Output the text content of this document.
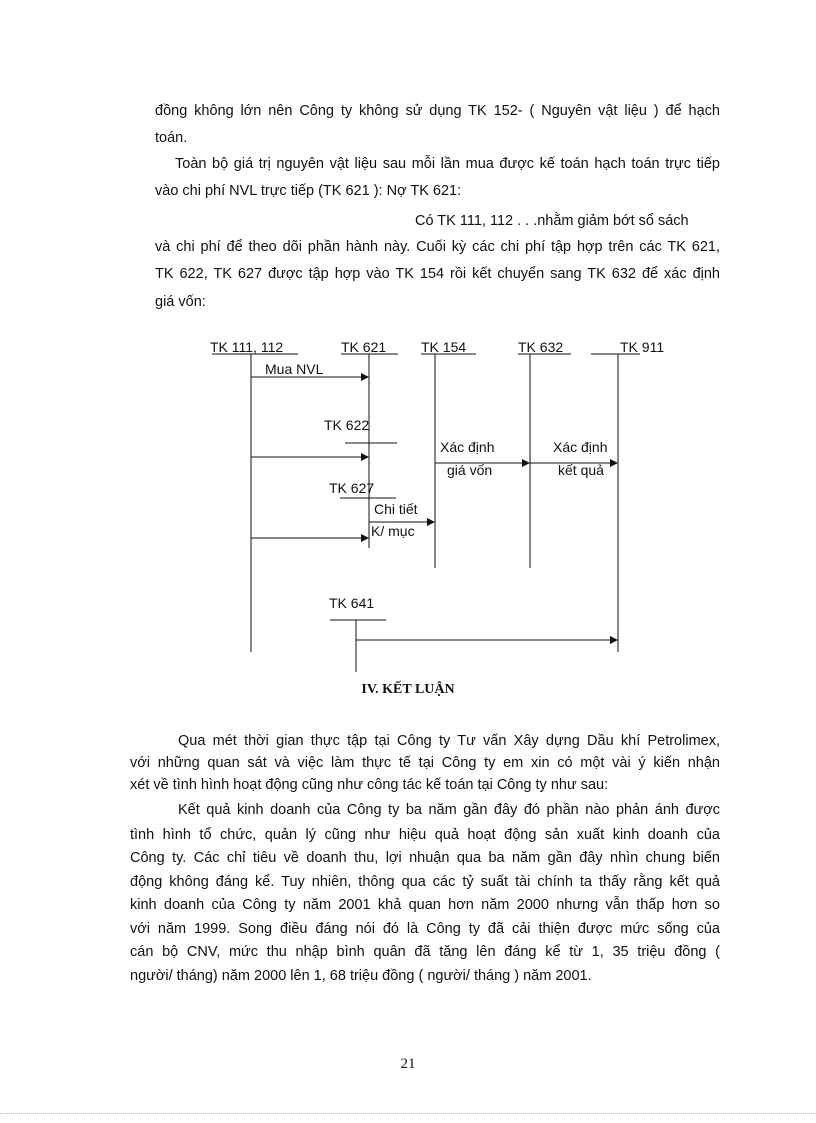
đồng không lớn nên Công ty không sử dụng TK 152- ( Nguyên vật liệu ) để hạch
toán.
Toàn bộ giá trị nguyên vật liệu sau mỗi lần mua được kế toán hạch toán trực tiếp
vào chi phí NVL trực tiếp (TK 621 ): Nợ TK 621:
Có TK 111, 112 . . .nhằm giảm bớt sổ sách
và chi phí để theo dõi phần hành này. Cuối kỳ các chi phí tập hợp trên các TK 621,
TK 622, TK 627 được tập hợp vào TK 154 rồi kết chuyển sang TK 632 để xác định
giá vốn:
TK 111, 112	TK 621 TK 154	TK 632	TK 911
Mua NVL
TK 622
Xác định
giá vốn
Xác định
kết quả
TK 627
Chi tiết
K/ mục
TK 641
IV. KẾT LUẬN
Qua mét thời gian thực tập tại Công ty Tư vấn Xây dựng Dầu khí Petrolimex,
với những quan sát và việc làm thực tế tại Công ty em xin có một vài ý kiến nhận
xét về tình hình hoạt động cũng như công tác kế toán tại Công ty như sau:
Kết quả kinh doanh của Công ty ba năm gần đây đó phần nào phản ánh được
tình hình tổ chức, quản lý cũng như hiệu quả hoạt động sản xuất kinh doanh của
Công ty. Các chỉ tiêu về doanh thu, lợi nhuận qua ba năm gần đây nhìn chung biến
động không đáng kể. Tuy nhiên, thông qua các tỷ suất tài chính ta thấy rằng kết quả
kinh doanh của Công ty năm 2001 khả quan hơn năm 2000 nhưng vẫn thấp hơn so
với năm 1999. Song điều đáng nói đó là Công ty đã cải thiện được mức sống của
cán bộ CNV, mức thu nhập bình quân đã tăng lên đáng kể từ 1, 35 triệu đồng (
người/ tháng) năm 2000 lên 1, 68 triệu đồng ( người/ tháng ) năm 2001.
21
